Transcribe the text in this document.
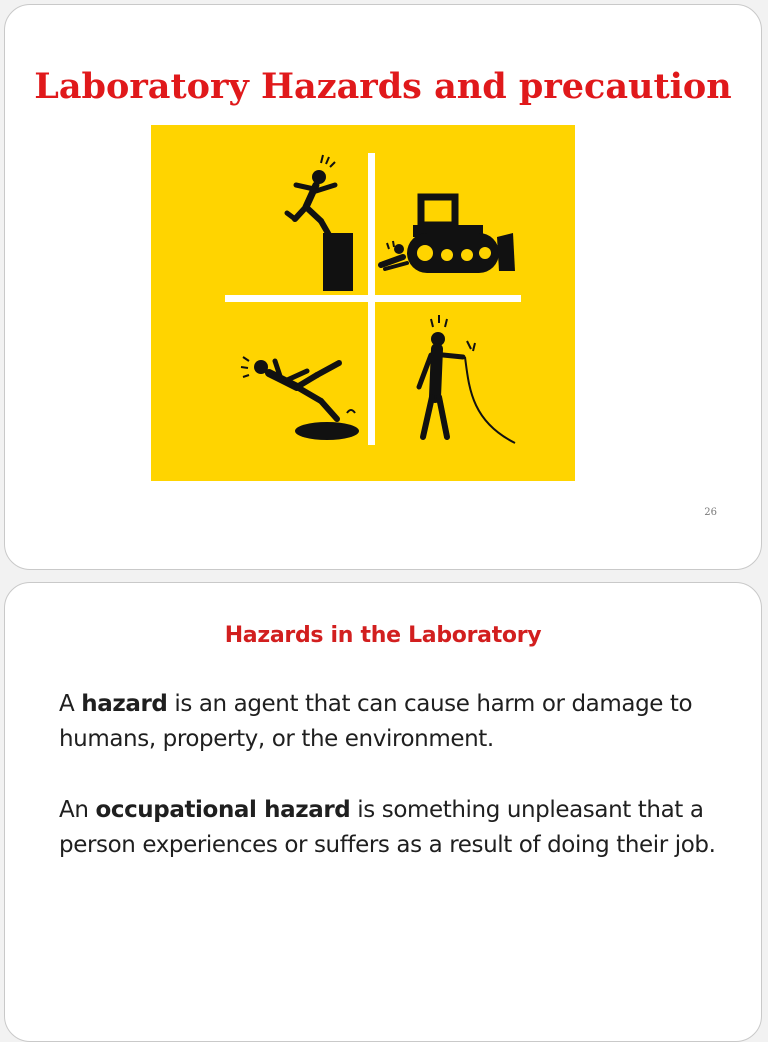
Laboratory Hazards and precaution
26
Hazards in the Laboratory

A hazard is an agent that can cause harm or damage to humans, property, or the environment.

An occupational hazard is something unpleasant that a person experiences or suffers as a result of doing their job.
